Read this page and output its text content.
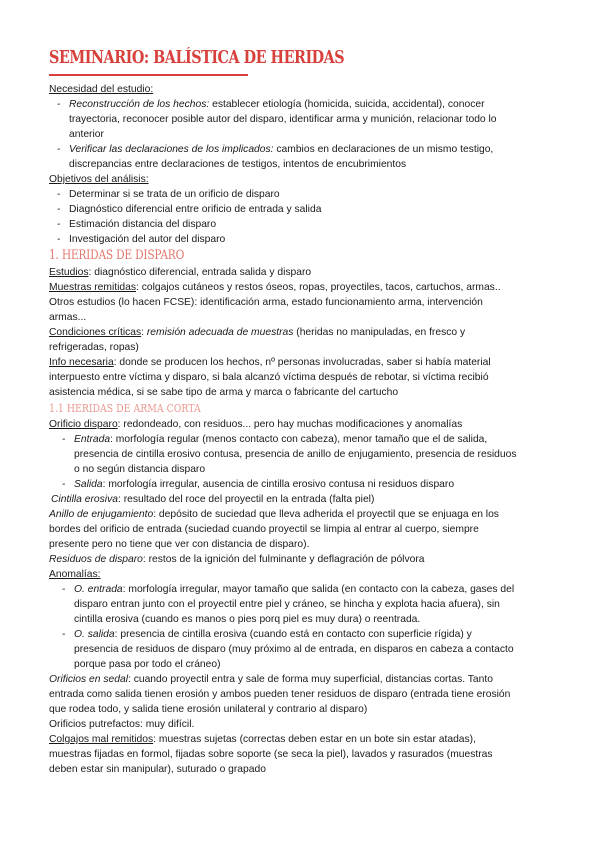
SEMINARIO: BALÍSTICA DE HERIDAS
Necesidad del estudio:
- Reconstrucción de los hechos: establecer etiología (homicida, suicida, accidental), conocer
trayectoria, reconocer posible autor del disparo, identificar arma y munición, relacionar todo lo
anterior
- Verificar las declaraciones de los implicados: cambios en declaraciones de un mismo testigo,
discrepancias entre declaraciones de testigos, intentos de encubrimientos
Objetivos del análisis:
- Determinar si se trata de un orificio de disparo
- Diagnóstico diferencial entre orificio de entrada y salida
- Estimación distancia del disparo
- Investigación del autor del disparo
1. HERIDAS DE DISPARO
Estudios: diagnóstico diferencial, entrada salida y disparo
Muestras remitidas: colgajos cutáneos y restos óseos, ropas, proyectiles, tacos, cartuchos, armas..
Otros estudios (lo hacen FCSE): identificación arma, estado funcionamiento arma, intervención
armas...
Condiciones críticas: remisión adecuada de muestras (heridas no manipuladas, en fresco y
refrigeradas, ropas)
Info necesaria: donde se producen los hechos, nº personas involucradas, saber si había material
interpuesto entre víctima y disparo, si bala alcanzó víctima después de rebotar, si víctima recibió
asistencia médica, si se sabe tipo de arma y marca o fabricante del cartucho
1.1 HERIDAS DE ARMA CORTA
Orificio disparo: redondeado, con residuos... pero hay muchas modificaciones y anomalías
- Entrada: morfología regular (menos contacto con cabeza), menor tamaño que el de salida,
presencia de cintilla erosivo contusa, presencia de anillo de enjugamiento, presencia de residuos
o no según distancia disparo
- Salida: morfología irregular, ausencia de cintilla erosivo contusa ni residuos disparo
Cintilla erosiva: resultado del roce del proyectil en la entrada (falta piel)
Anillo de enjugamiento: depósito de suciedad que lleva adherida el proyectil que se enjuaga en los
bordes del orificio de entrada (suciedad cuando proyectil se limpia al entrar al cuerpo, siempre
presente pero no tiene que ver con distancia de disparo).
Residuos de disparo: restos de la ignición del fulminante y deflagración de pólvora
Anomalías:
- O. entrada: morfología irregular, mayor tamaño que salida (en contacto con la cabeza, gases del
disparo entran junto con el proyectil entre piel y cráneo, se hincha y explota hacia afuera), sin
cintilla erosiva (cuando es manos o pies porq piel es muy dura) o reentrada.
- O. salida: presencia de cintilla erosiva (cuando está en contacto con superficie rígida) y
presencia de residuos de disparo (muy próximo al de entrada, en disparos en cabeza a contacto
porque pasa por todo el cráneo)
Orificios en sedal: cuando proyectil entra y sale de forma muy superficial, distancias cortas. Tanto
entrada como salida tienen erosión y ambos pueden tener residuos de disparo (entrada tiene erosión
que rodea todo, y salida tiene erosión unilateral y contrario al disparo)
Orificios putrefactos: muy difícil.
Colgajos mal remitidos: muestras sujetas (correctas deben estar en un bote sin estar atadas),
muestras fijadas en formol, fijadas sobre soporte (se seca la piel), lavados y rasurados (muestras
deben estar sin manipular), suturado o grapado
